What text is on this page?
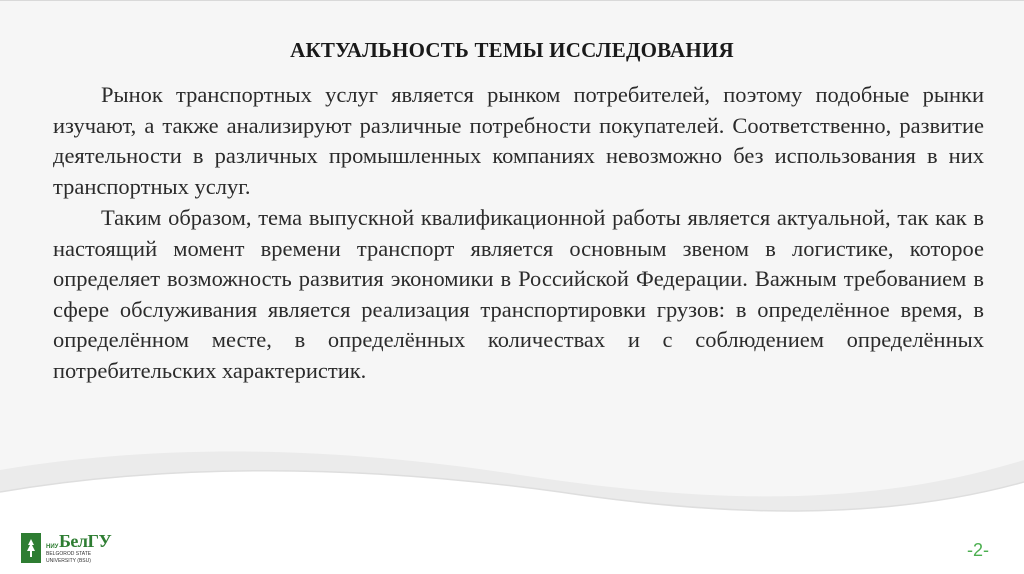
АКТУАЛЬНОСТЬ ТЕМЫ ИССЛЕДОВАНИЯ

Рынок транспортных услуг является рынком потребителей, поэтому подобные рынки изучают, а также анализируют различные потребности покупателей. Соответственно, развитие деятельности в различных промышленных компаниях невозможно без использования в них транспортных услуг.

Таким образом, тема выпускной квалификационной работы является актуальной, так как в настоящий момент времени транспорт является основным звеном в логистике, которое определяет возможность развития экономики в Российской Федерации. Важным требованием в сфере обслуживания является реализация транспортировки грузов: в определённое время, в определённом месте, в определённых количествах и с соблюдением определённых потребительских характеристик.

НИУ БелГУ
BELGOROD STATE
UNIVERSITY (BSU)
-2-
